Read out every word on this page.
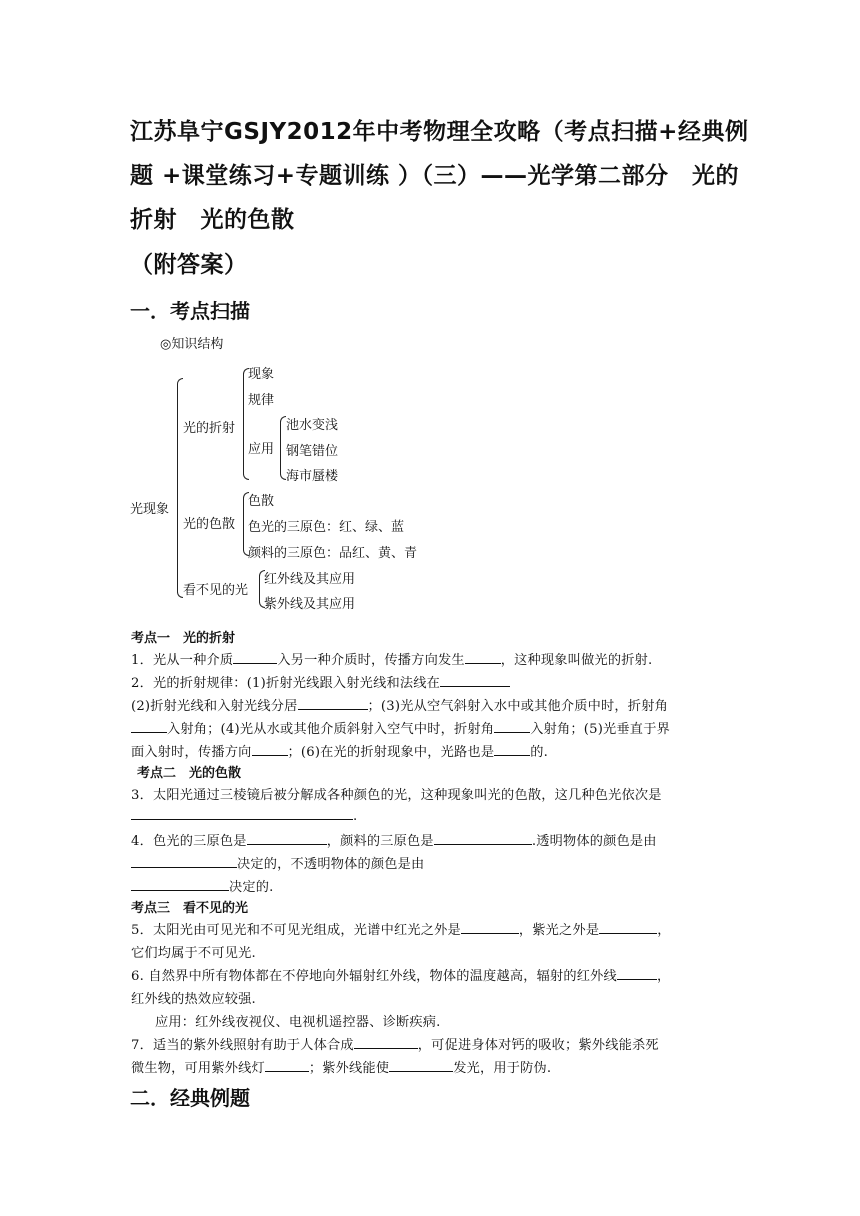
江苏阜宁GSJY2012年中考物理全攻略（考点扫描+经典例
题 +课堂练习+专题训练 ）（三）——光学第二部分　光的
折射　光的色散
（附答案）
一．考点扫描
◎知识结构
光现象
光的折射
现象
规律
应用
池水变浅
钢笔错位
海市蜃楼
光的色散
色散
色光的三原色：红、绿、蓝
颜料的三原色：品红、黄、青
看不见的光
红外线及其应用
紫外线及其应用
考点一　光的折射
1．光从一种介质	入另一种介质时，传播方向发生	，这种现象叫做光的折射.
2．光的折射规律：(1)折射光线跟入射光线和法线在
(2)折射光线和入射光线分居	；(3)光从空气斜射入水中或其他介质中时，折射角
入射角；(4)光从水或其他介质斜射入空气中时，折射角	入射角；(5)光垂直于界
面入射时，传播方向	；(6)在光的折射现象中，光路也是	的.
考点二　光的色散
3．太阳光通过三棱镜后被分解成各种颜色的光，这种现象叫光的色散，这几种色光依次是
.
4．色光的三原色是	，颜料的三原色是	.透明物体的颜色是由
决定的，不透明物体的颜色是由
决定的.
考点三　看不见的光
5．太阳光由可见光和不可见光组成，光谱中红光之外是	，紫光之外是	，
它们均属于不可见光.
6. 自然界中所有物体都在不停地向外辐射红外线，物体的温度越高，辐射的红外线	，
红外线的热效应较强.
应用：红外线夜视仪、电视机遥控器、诊断疾病.
7．适当的紫外线照射有助于人体合成	，可促进身体对钙的吸收；紫外线能杀死
微生物，可用紫外线灯	；紫外线能使	发光，用于防伪.
二．经典例题
